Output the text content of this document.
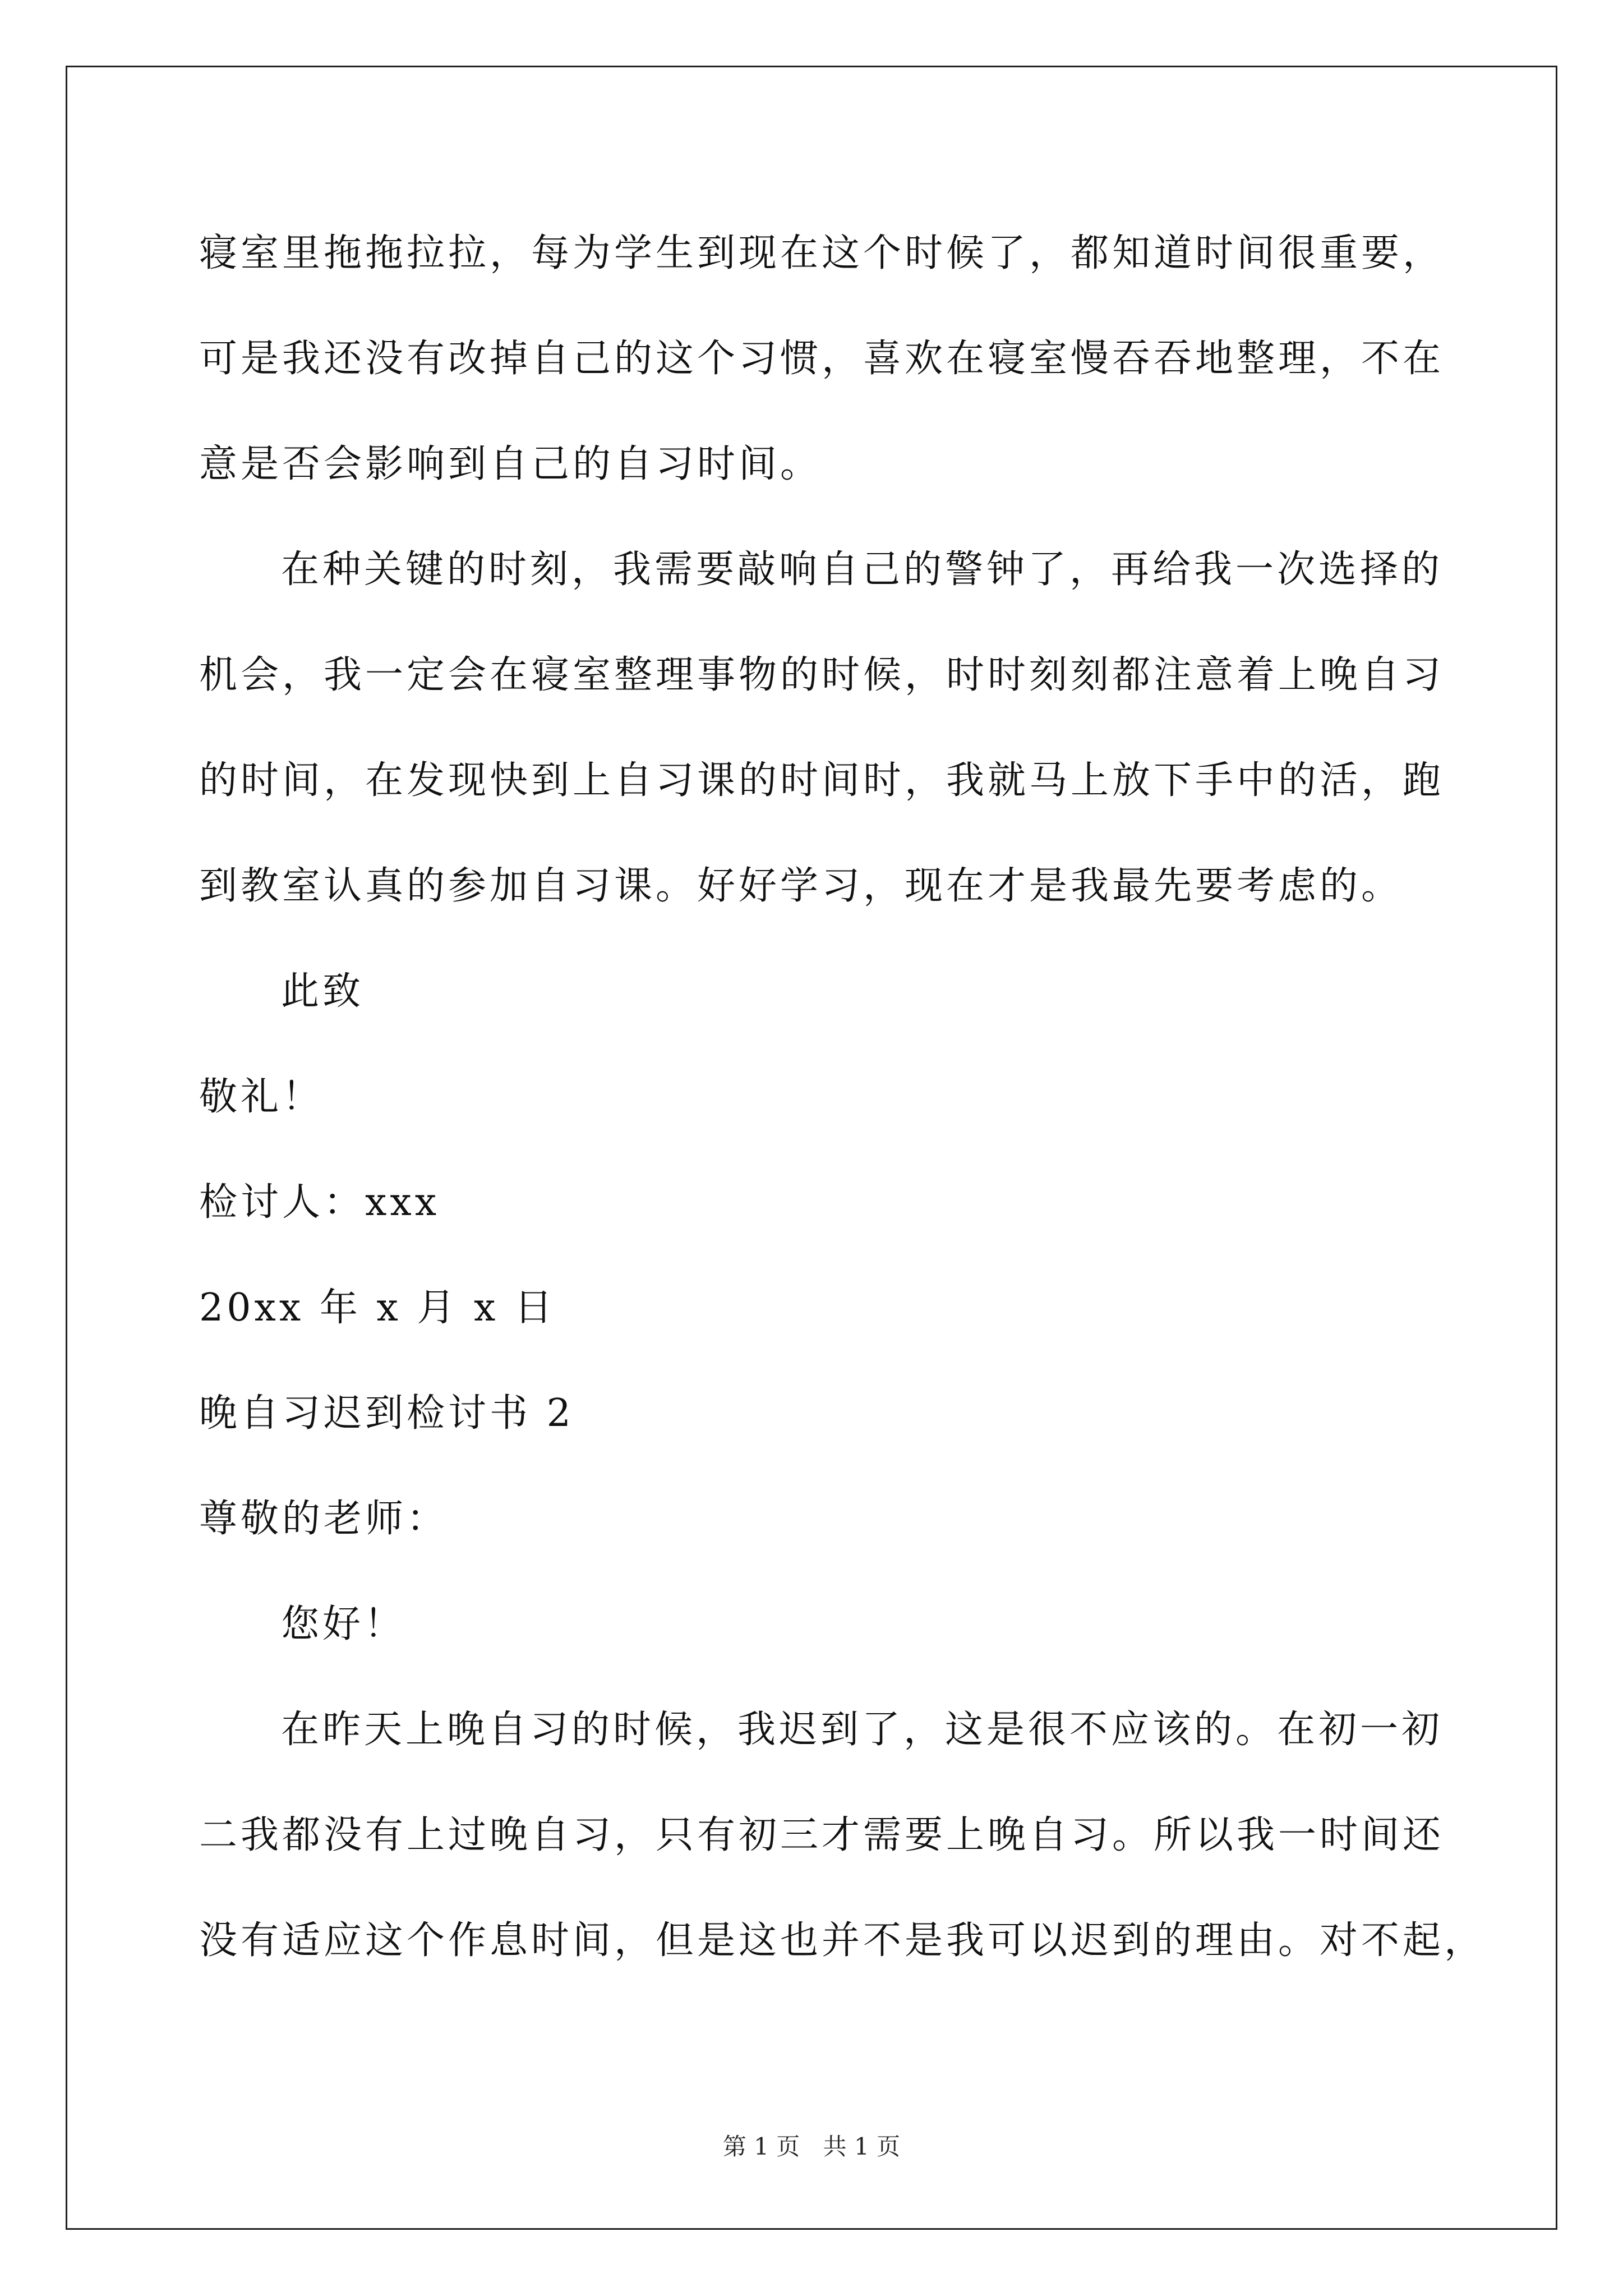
寝室里拖拖拉拉，每为学生到现在这个时候了，都知道时间很重要，
可是我还没有改掉自己的这个习惯，喜欢在寝室慢吞吞地整理，不在
意是否会影响到自己的自习时间。
在种关键的时刻，我需要敲响自己的警钟了，再给我一次选择的
机会，我一定会在寝室整理事物的时候，时时刻刻都注意着上晚自习
的时间，在发现快到上自习课的时间时，我就马上放下手中的活，跑
到教室认真的参加自习课。好好学习，现在才是我最先要考虑的。
此致
敬礼！
检讨人：xxx
20xx 年 x 月 x 日
晚自习迟到检讨书 2
尊敬的老师：
您好！
在昨天上晚自习的时候，我迟到了，这是很不应该的。在初一初
二我都没有上过晚自习，只有初三才需要上晚自习。所以我一时间还
没有适应这个作息时间，但是这也并不是我可以迟到的理由。对不起，
第 1 页 共 1 页
